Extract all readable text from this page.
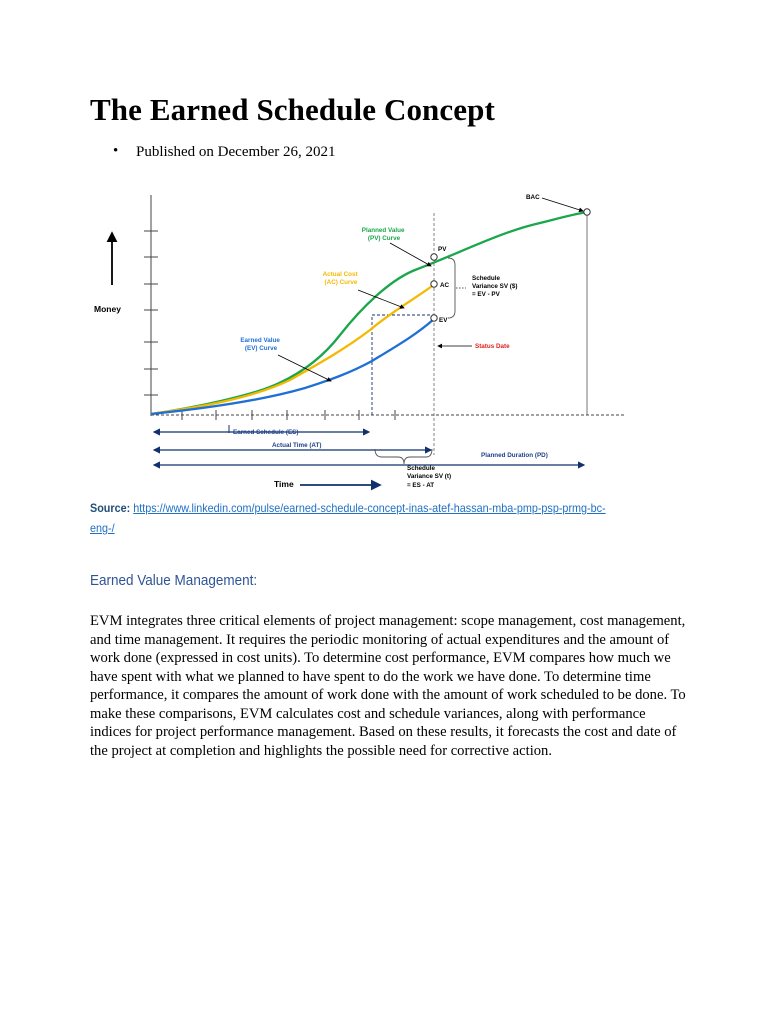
The Earned Schedule Concept
• Published on December 26, 2021
Money
BAC
PV
AC
EV
Planned Value (PV) Curve
Actual Cost (AC) Curve
Earned Value (EV) Curve
Schedule Variance SV ($) = EV - PV
Status Date
Earned Schedule (ES)
Actual Time (AT)
Planned Duration (PD)
Schedule Variance SV (t) = ES - AT
Time
Source: https://www.linkedin.com/pulse/earned-schedule-concept-inas-atef-hassan-mba-pmp-psp-prmg-bc-eng-/
Earned Value Management:

EVM integrates three critical elements of project management: scope management, cost management, and time management. It requires the periodic monitoring of actual expenditures and the amount of work done (expressed in cost units). To determine cost performance, EVM compares how much we have spent with what we planned to have spent to do the work we have done. To determine time performance, it compares the amount of work done with the amount of work scheduled to be done. To make these comparisons, EVM calculates cost and schedule variances, along with performance indices for project performance management. Based on these results, it forecasts the cost and date of the project at completion and highlights the possible need for corrective action.
